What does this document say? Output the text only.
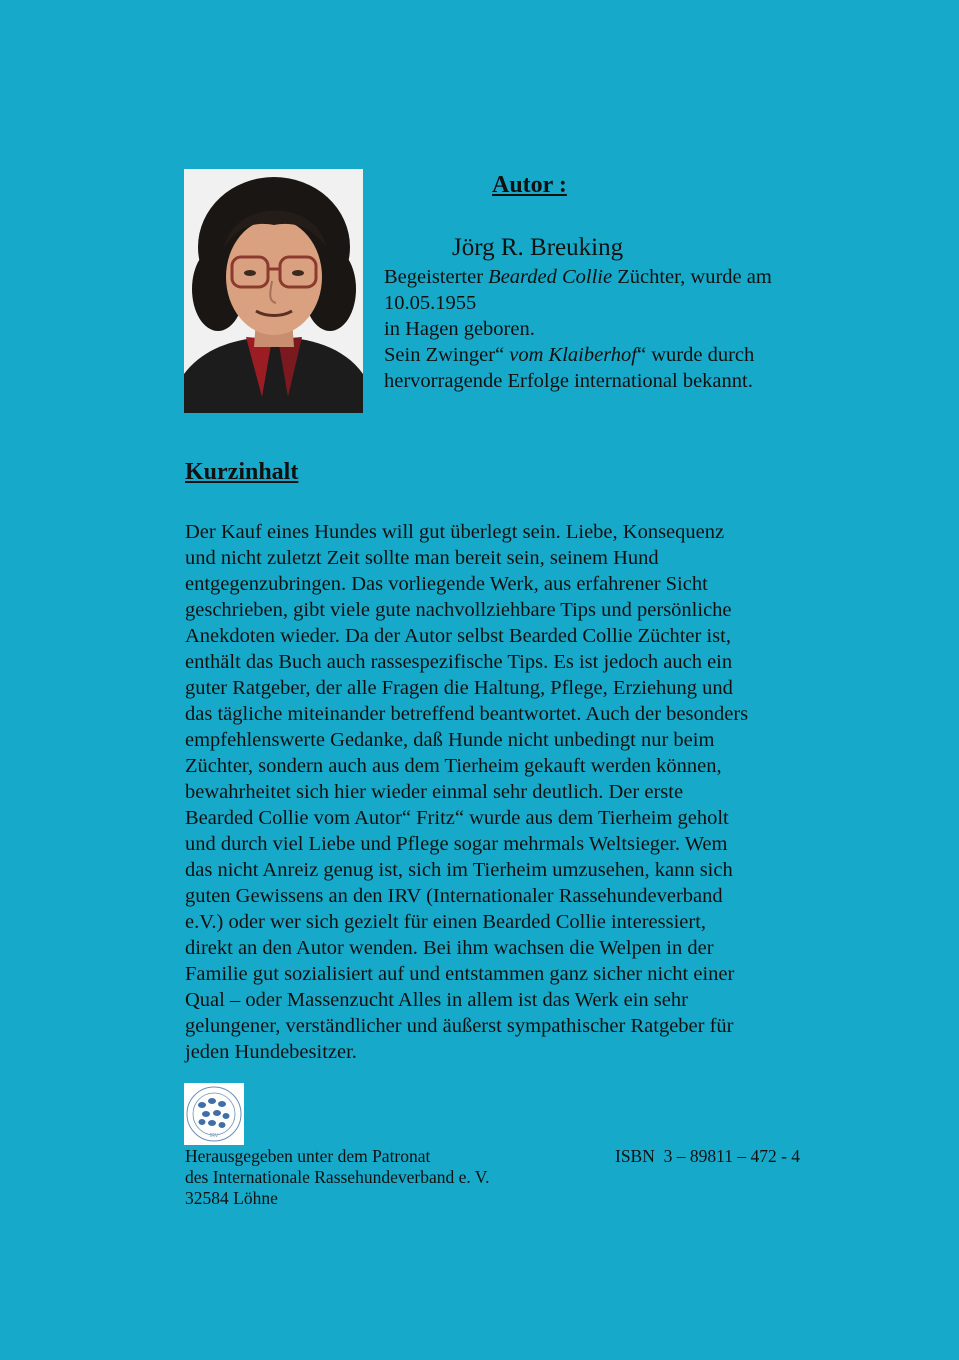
Autor :
Jörg R. Breuking
Begeisterter Bearded Collie Züchter, wurde am
10.05.1955
in Hagen geboren.
Sein Zwinger“ vom Klaiberhof“ wurde durch
hervorragende Erfolge international bekannt.
Kurzinhalt
Der Kauf eines Hundes will gut überlegt sein. Liebe, Konsequenz
und nicht zuletzt Zeit sollte man bereit sein, seinem Hund
entgegenzubringen. Das vorliegende Werk, aus erfahrener Sicht
geschrieben, gibt viele gute nachvollziehbare Tips und persönliche
Anekdoten wieder. Da der Autor selbst Bearded Collie Züchter ist,
enthält das Buch auch rassespezifische Tips. Es ist jedoch auch ein
guter Ratgeber, der alle Fragen die Haltung, Pflege, Erziehung und
das tägliche miteinander betreffend beantwortet. Auch der besonders
empfehlenswerte Gedanke, daß Hunde nicht unbedingt nur beim
Züchter, sondern auch aus dem Tierheim gekauft werden können,
bewahrheitet sich hier wieder einmal sehr deutlich. Der erste
Bearded Collie vom Autor“ Fritz“ wurde aus dem Tierheim geholt
und durch viel Liebe und Pflege sogar mehrmals Weltsieger. Wem
das nicht Anreiz genug ist, sich im Tierheim umzusehen, kann sich
guten Gewissens an den IRV (Internationaler Rassehundeverband
e.V.) oder wer sich gezielt für einen Bearded Collie interessiert,
direkt an den Autor wenden. Bei ihm wachsen die Welpen in der
Familie gut sozialisiert auf und entstammen ganz sicher nicht einer
Qual – oder Massenzucht Alles in allem ist das Werk ein sehr
gelungener, verständlicher und äußerst sympathischer Ratgeber für
jeden Hundebesitzer.
IRV
Herausgegeben unter dem Patronat
des Internationale Rassehundeverband e. V.
32584 Löhne
ISBN  3 – 89811 – 472 - 4
